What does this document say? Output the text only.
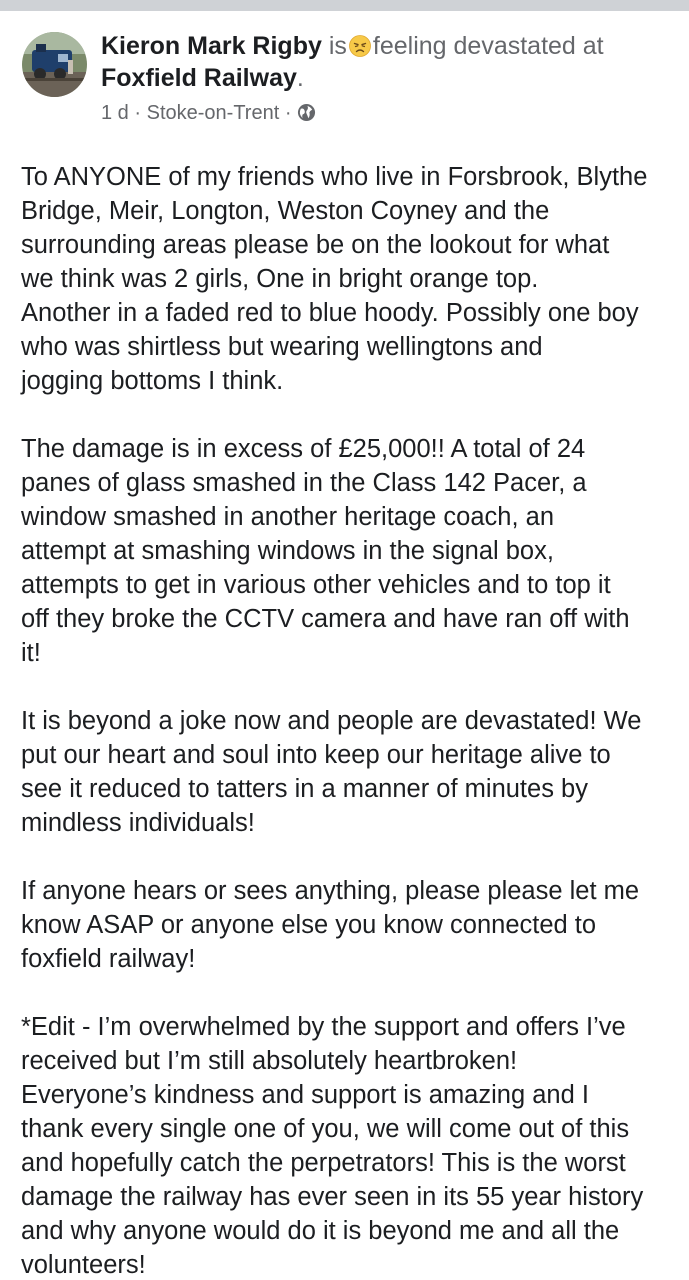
Kieron Mark Rigby is feeling devastated at
Foxfield Railway.
1 d · Stoke-on-Trent ·

To ANYONE of my friends who live in Forsbrook, Blythe
Bridge, Meir, Longton, Weston Coyney and the
surrounding areas please be on the lookout for what
we think was 2 girls, One in bright orange top.
Another in a faded red to blue hoody. Possibly one boy
who was shirtless but wearing wellingtons and
jogging bottoms I think.

The damage is in excess of £25,000!! A total of 24
panes of glass smashed in the Class 142 Pacer, a
window smashed in another heritage coach, an
attempt at smashing windows in the signal box,
attempts to get in various other vehicles and to top it
off they broke the CCTV camera and have ran off with
it!

It is beyond a joke now and people are devastated! We
put our heart and soul into keep our heritage alive to
see it reduced to tatters in a manner of minutes by
mindless individuals!

If anyone hears or sees anything, please please let me
know ASAP or anyone else you know connected to
foxfield railway!

*Edit - I’m overwhelmed by the support and offers I’ve
received but I’m still absolutely heartbroken!
Everyone’s kindness and support is amazing and I
thank every single one of you, we will come out of this
and hopefully catch the perpetrators! This is the worst
damage the railway has ever seen in its 55 year history
and why anyone would do it is beyond me and all the
volunteers!
